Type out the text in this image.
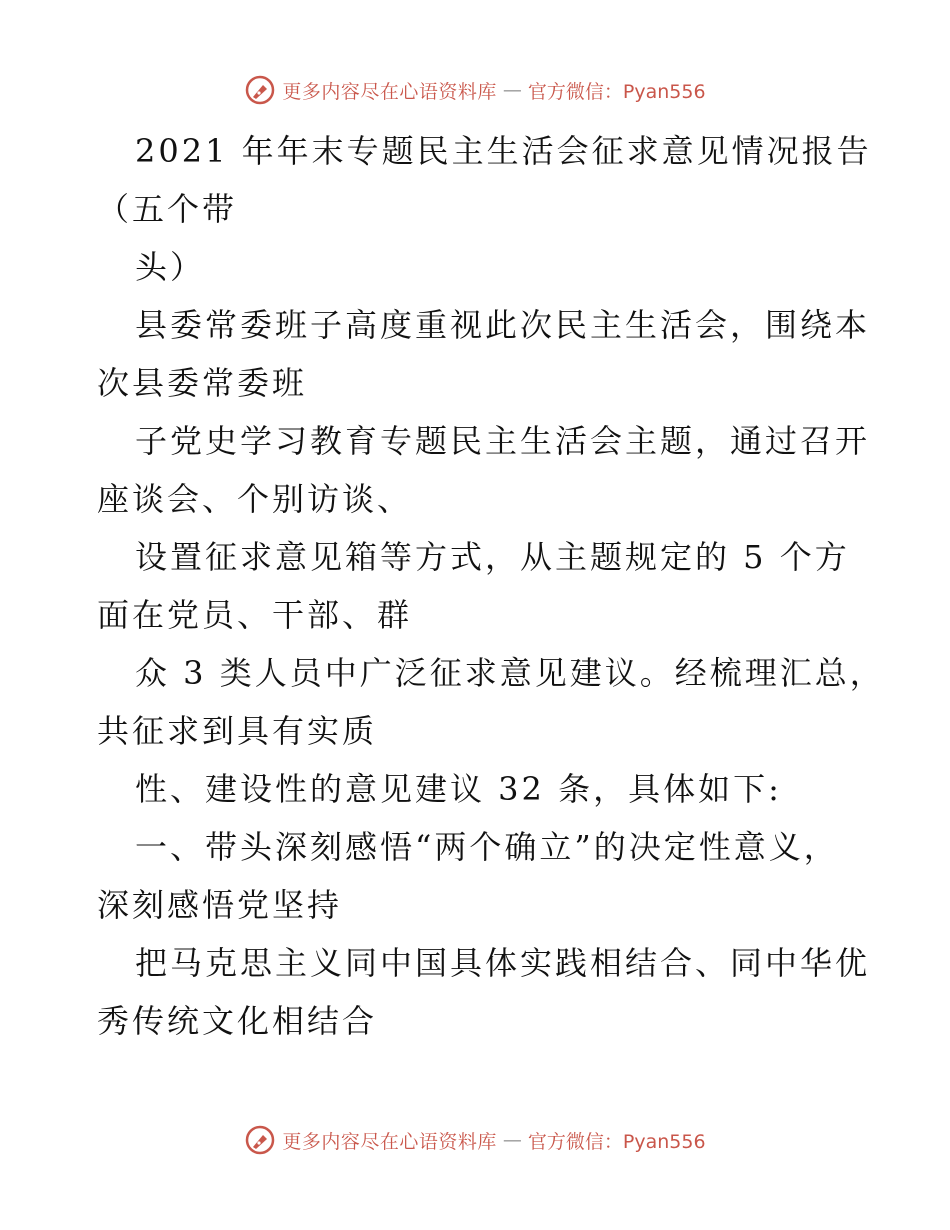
更多内容尽在心语资料库 — 官方微信：Pyan556
2021 年年末专题民主生活会征求意见情况报告
（五个带
头）
县委常委班子高度重视此次民主生活会，围绕本
次县委常委班
子党史学习教育专题民主生活会主题，通过召开
座谈会、个别访谈、
设置征求意见箱等方式，从主题规定的 5 个方
面在党员、干部、群
众 3 类人员中广泛征求意见建议。经梳理汇总，
共征求到具有实质
性、建设性的意见建议 32 条，具体如下:
一、带头深刻感悟“两个确立”的决定性意义，
深刻感悟党坚持
把马克思主义同中国具体实践相结合、同中华优
秀传统文化相结合
更多内容尽在心语资料库 — 官方微信：Pyan556
